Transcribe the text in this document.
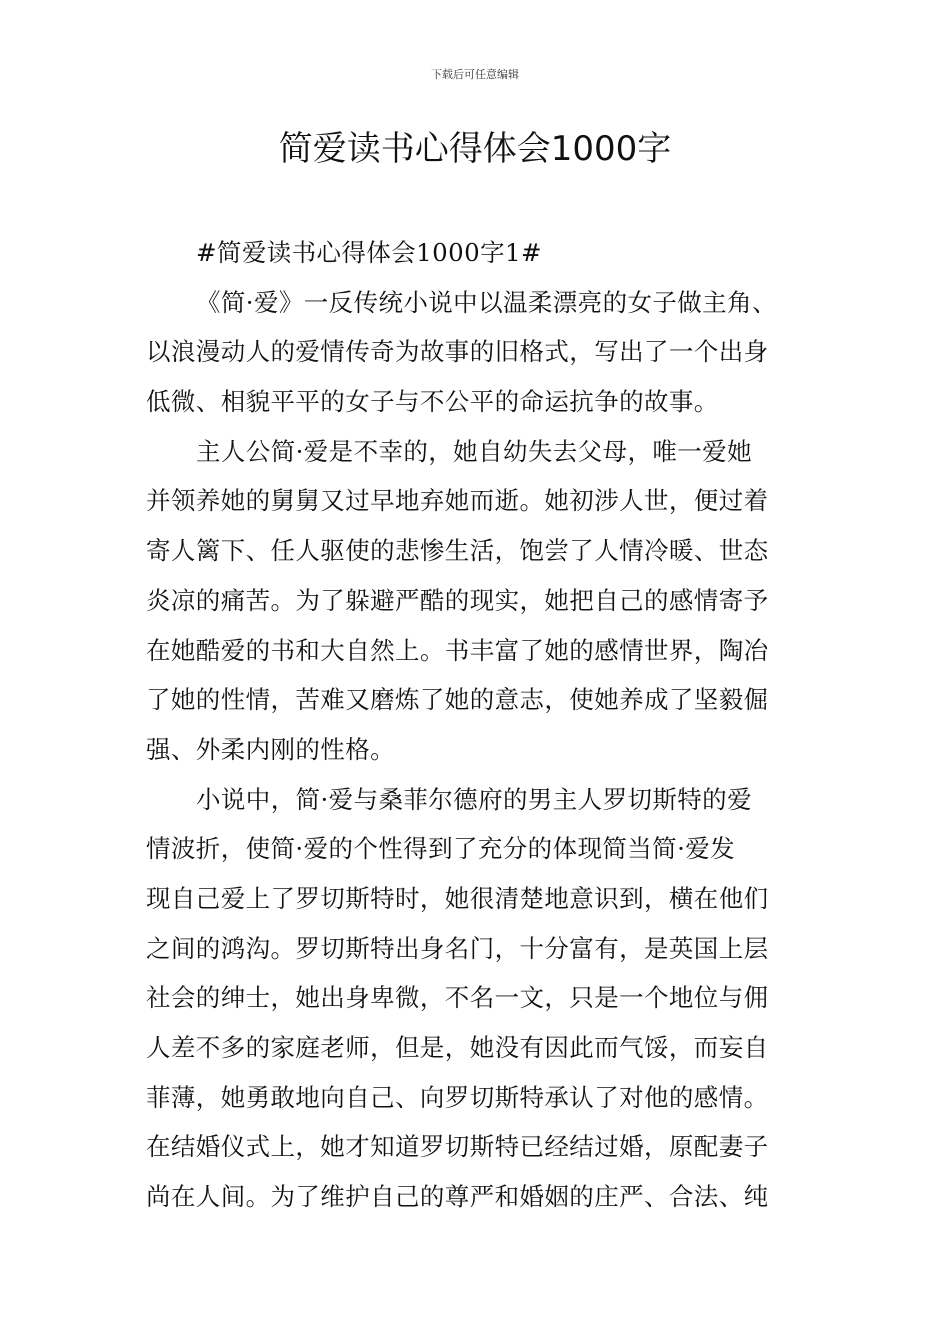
下载后可任意编辑
简爱读书心得体会1000字
#简爱读书心得体会1000字1#
《简·爱》一反传统小说中以温柔漂亮的女子做主角、
以浪漫动人的爱情传奇为故事的旧格式，写出了一个出身
低微、相貌平平的女子与不公平的命运抗争的故事。
主人公简·爱是不幸的，她自幼失去父母，唯一爱她
并领养她的舅舅又过早地弃她而逝。她初涉人世，便过着
寄人篱下、任人驱使的悲惨生活，饱尝了人情冷暖、世态
炎凉的痛苦。为了躲避严酷的现实，她把自己的感情寄予
在她酷爱的书和大自然上。书丰富了她的感情世界，陶冶
了她的性情，苦难又磨炼了她的意志，使她养成了坚毅倔
强、外柔内刚的性格。
小说中，简·爱与桑菲尔德府的男主人罗切斯特的爱
情波折，使简·爱的个性得到了充分的体现简当简·爱发
现自己爱上了罗切斯特时，她很清楚地意识到，横在他们
之间的鸿沟。罗切斯特出身名门，十分富有，是英国上层
社会的绅士，她出身卑微，不名一文，只是一个地位与佣
人差不多的家庭老师，但是，她没有因此而气馁，而妄自
菲薄，她勇敢地向自己、向罗切斯特承认了对他的感情。
在结婚仪式上，她才知道罗切斯特已经结过婚，原配妻子
尚在人间。为了维护自己的尊严和婚姻的庄严、合法、纯
